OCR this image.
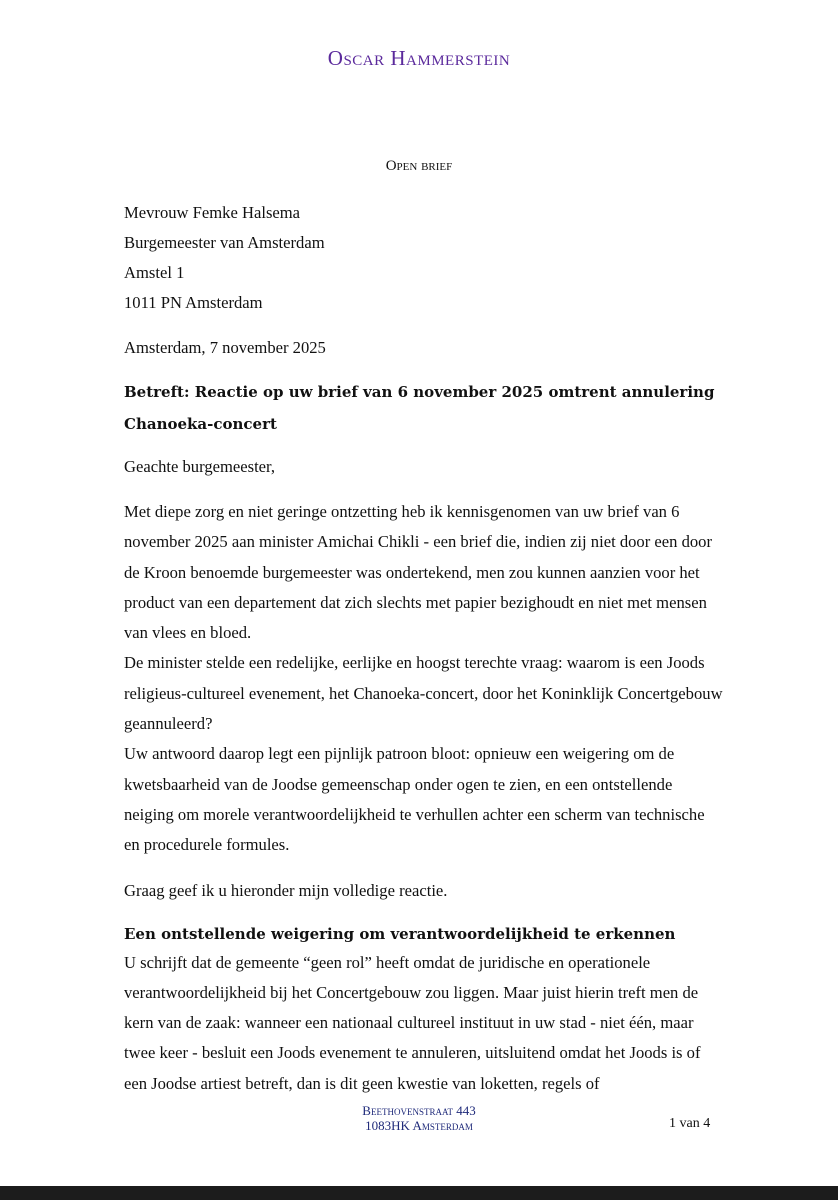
Oscar Hammerstein
Open brief
Mevrouw Femke Halsema
Burgemeester van Amsterdam
Amstel 1
1011 PN Amsterdam
Amsterdam, 7 november 2025
Betreft: Reactie op uw brief van 6 november 2025 omtrent annulering Chanoeka-concert
Geachte burgemeester,
Met diepe zorg en niet geringe ontzetting heb ik kennisgenomen van uw brief van 6 november 2025 aan minister Amichai Chikli - een brief die, indien zij niet door een door de Kroon benoemde burgemeester was ondertekend, men zou kunnen aanzien voor het product van een departement dat zich slechts met papier bezighoudt en niet met mensen van vlees en bloed.
De minister stelde een redelijke, eerlijke en hoogst terechte vraag: waarom is een Joods religieus-cultureel evenement, het Chanoeka-concert, door het Koninklijk Concertgebouw geannuleerd?
Uw antwoord daarop legt een pijnlijk patroon bloot: opnieuw een weigering om de kwetsbaarheid van de Joodse gemeenschap onder ogen te zien, en een ontstellende neiging om morele verantwoordelijkheid te verhullen achter een scherm van technische en procedurele formules.
Graag geef ik u hieronder mijn volledige reactie.
Een ontstellende weigering om verantwoordelijkheid te erkennen
U schrijft dat de gemeente “geen rol” heeft omdat de juridische en operationele verantwoordelijkheid bij het Concertgebouw zou liggen. Maar juist hierin treft men de kern van de zaak: wanneer een nationaal cultureel instituut in uw stad - niet één, maar twee keer - besluit een Joods evenement te annuleren, uitsluitend omdat het Joods is of een Joodse artiest betreft, dan is dit geen kwestie van loketten, regels of
Beethovenstraat 443
1083HK Amsterdam	1 van 4
